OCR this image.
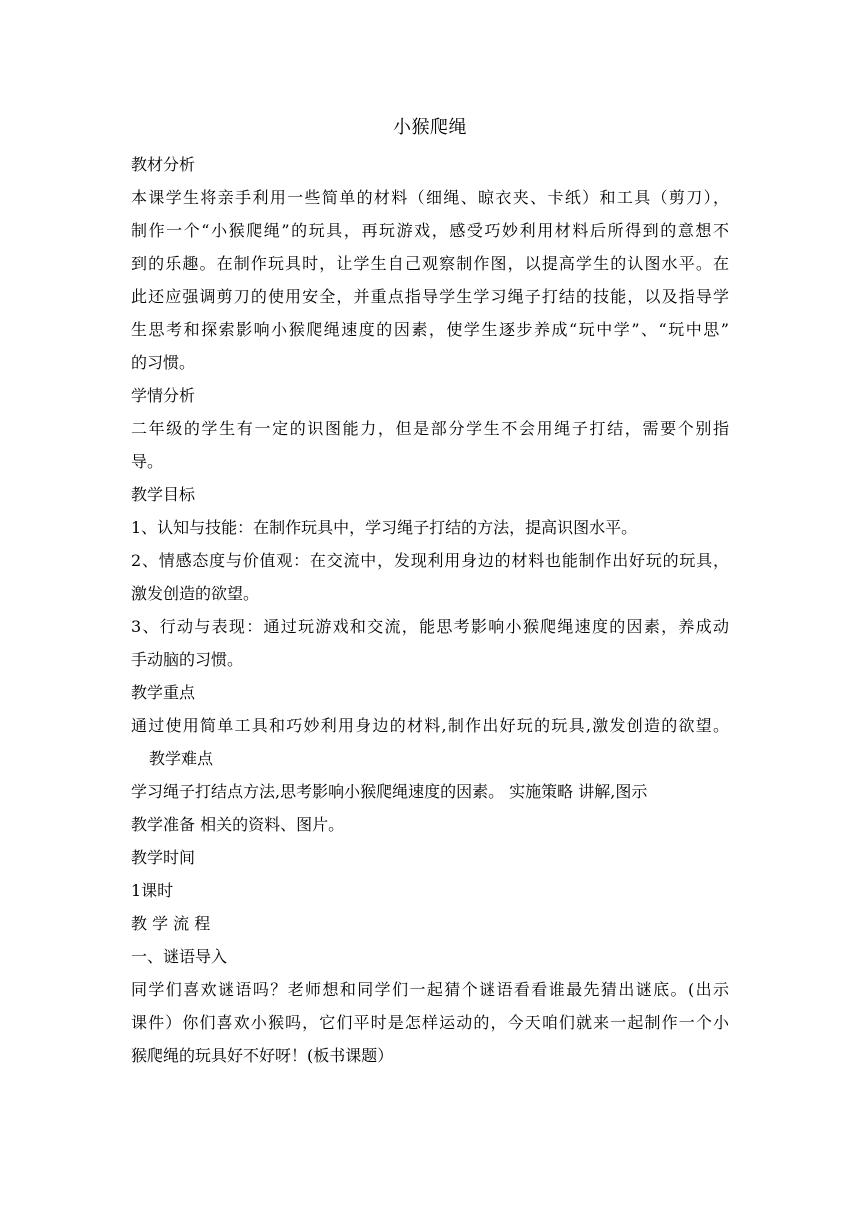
小猴爬绳
教材分析
本课学生将亲手利用一些简单的材料（细绳、晾衣夹、卡纸）和工具（剪刀），
制作一个“小猴爬绳”的玩具，再玩游戏，感受巧妙利用材料后所得到的意想不
到的乐趣。在制作玩具时，让学生自己观察制作图，以提高学生的认图水平。在
此还应强调剪刀的使用安全，并重点指导学生学习绳子打结的技能，以及指导学
生思考和探索影响小猴爬绳速度的因素，使学生逐步养成“玩中学”、“玩中思”
的习惯。
学情分析
二年级的学生有一定的识图能力，但是部分学生不会用绳子打结，需要个别指
导。
教学目标
1、认知与技能：在制作玩具中，学习绳子打结的方法，提高识图水平。
2、情感态度与价值观：在交流中，发现利用身边的材料也能制作出好玩的玩具，
激发创造的欲望。
3、行动与表现：通过玩游戏和交流，能思考影响小猴爬绳速度的因素，养成动
手动脑的习惯。
教学重点
通过使用简单工具和巧妙利用身边的材料,制作出好玩的玩具,激发创造的欲望。
教学难点
学习绳子打结点方法,思考影响小猴爬绳速度的因素。 实施策略 讲解,图示
教学准备 相关的资料、图片。
教学时间
1课时
教 学 流 程
一、谜语导入
同学们喜欢谜语吗？老师想和同学们一起猜个谜语看看谁最先猜出谜底。(出示
课件）你们喜欢小猴吗，它们平时是怎样运动的，今天咱们就来一起制作一个小
猴爬绳的玩具好不好呀！(板书课题）
